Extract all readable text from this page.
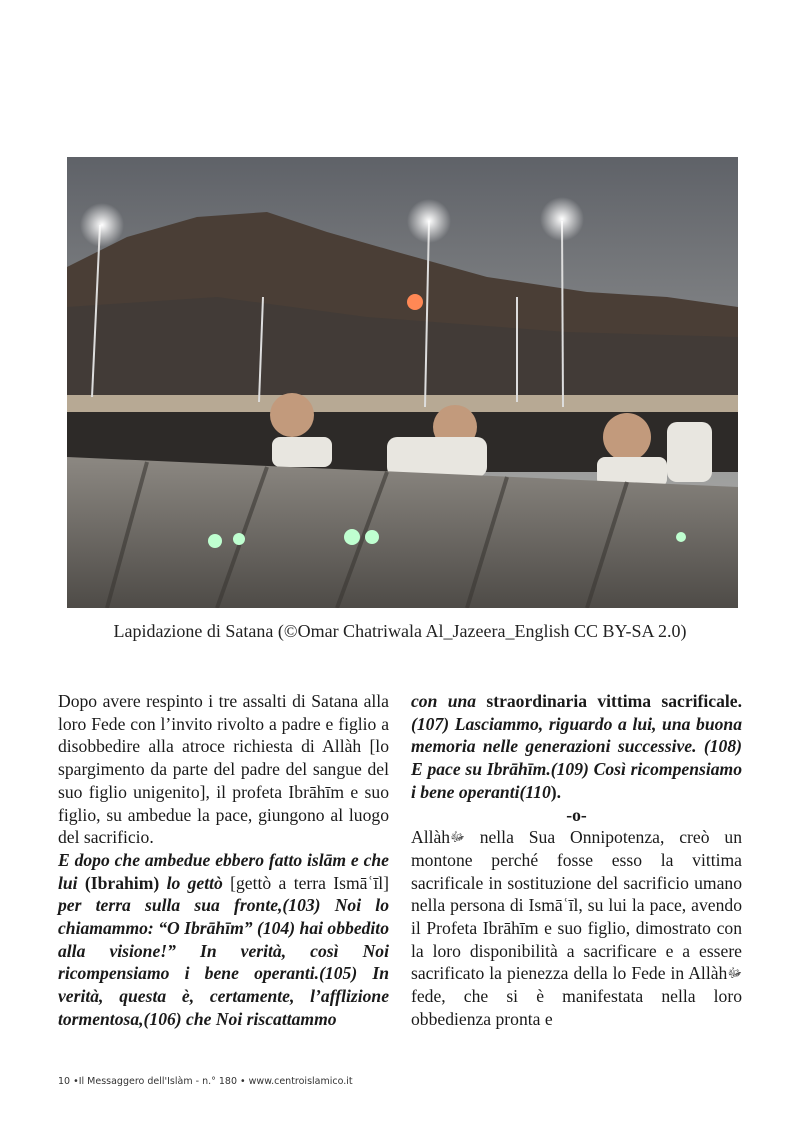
Lapidazione di Satana (©Omar Chatriwala Al_Jazeera_English CC BY-SA 2.0)

Dopo avere respinto i tre assalti di Satana alla loro Fede con l’invito rivolto a padre e figlio a disobbedire alla atroce richiesta di Allàh [lo spargimento da parte del padre del sangue del suo figlio unigenito], il profeta Ibrāhīm e suo figlio, su ambedue la pace, giungono al luogo del sacrificio.

E dopo che ambedue ebbero fatto islām e che lui (Ibrahim) lo gettò [gettò a terra Ismāʿīl] per terra sulla sua fronte,(103) Noi lo chiamammo: “O Ibrāhīm” (104) hai obbedito alla visione!” In verità, così Noi ricompensiamo i bene operanti.(105) In verità, questa è, certamente, l’afflizione tormentosa,(106) che Noi riscattammo

con una straordinaria vittima sacrificale. (107) Lasciammo, riguardo a lui, una buona memoria nelle generazioni successive. (108) E pace su Ibrāhīm.(109) Così ricompensiamo i bene operanti(110).

-o-

Allàhﷻ nella Sua Onnipotenza, creò un montone perché fosse esso la vittima sacrificale in sostituzione del sacrificio umano nella persona di Ismāʿīl, su lui la pace, avendo il Profeta Ibrāhīm e suo figlio, dimostrato con la loro disponibilità a sacrificare e a essere sacrificato la pienezza della lo Fede in Allàhﷻ fede, che si è manifestata nella loro obbedienza pronta e

10 •Il Messaggero dell'Islàm - n.° 180 • www.centroislamico.it
